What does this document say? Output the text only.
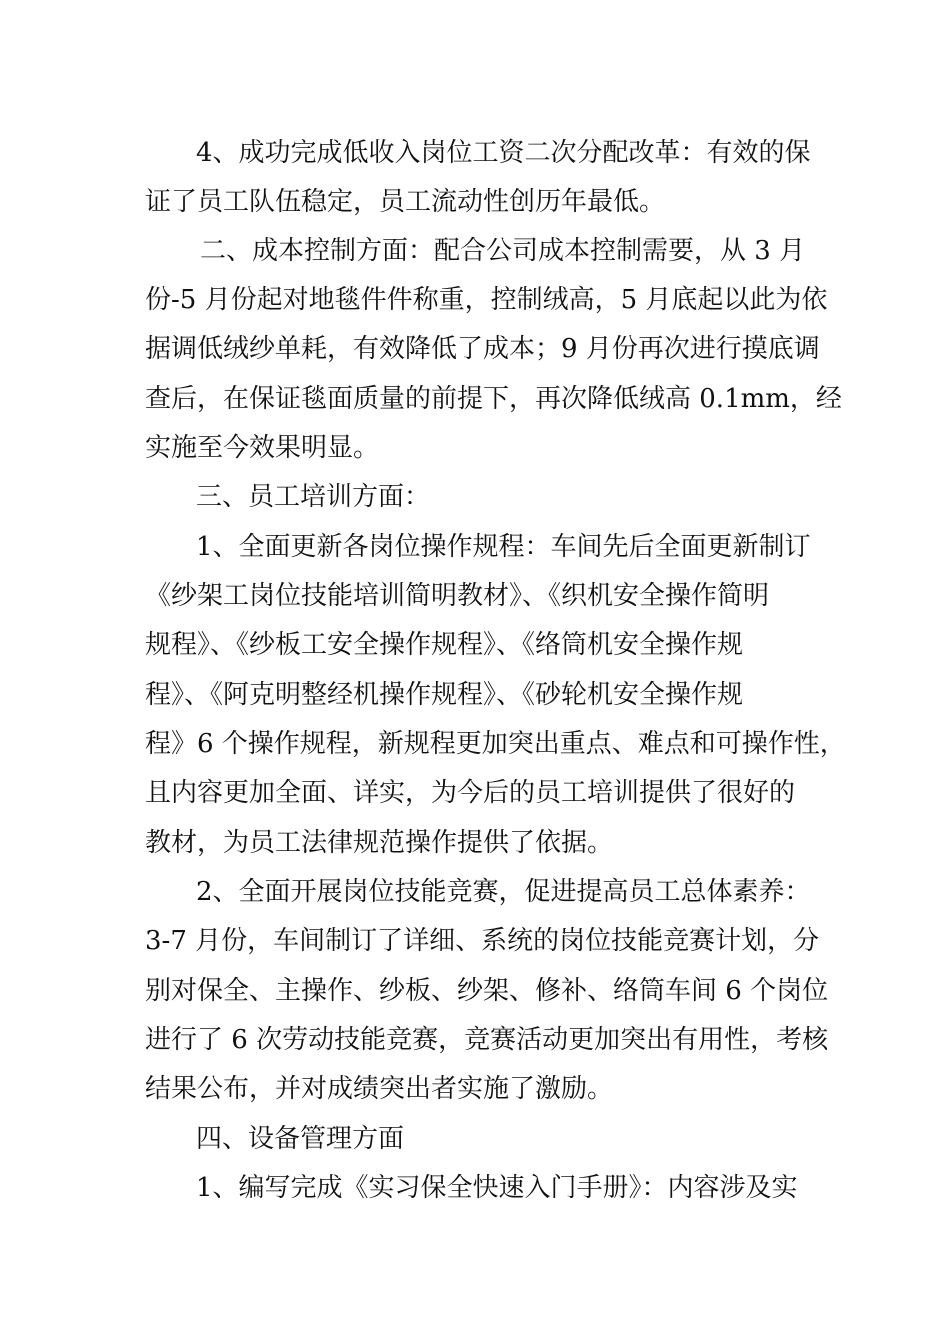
4、成功完成低收入岗位工资二次分配改革：有效的保
证了员工队伍稳定，员工流动性创历年最低。
二、成本控制方面：配合公司成本控制需要，从 3 月
份-5 月份起对地毯件件称重，控制绒高，5 月底起以此为依
据调低绒纱单耗，有效降低了成本；9 月份再次进行摸底调
查后，在保证毯面质量的前提下，再次降低绒高 0.1mm，经
实施至今效果明显。
三、员工培训方面：
1、全面更新各岗位操作规程：车间先后全面更新制订
《纱架工岗位技能培训简明教材》、《织机安全操作简明
规程》、《纱板工安全操作规程》、《络筒机安全操作规
程》、《阿克明整经机操作规程》、《砂轮机安全操作规
程》6 个操作规程，新规程更加突出重点、难点和可操作性，
且内容更加全面、详实，为今后的员工培训提供了很好的
教材，为员工法律规范操作提供了依据。
2、全面开展岗位技能竞赛，促进提高员工总体素养：
3-7 月份，车间制订了详细、系统的岗位技能竞赛计划，分
别对保全、主操作、纱板、纱架、修补、络筒车间 6 个岗位
进行了 6 次劳动技能竞赛，竞赛活动更加突出有用性，考核
结果公布，并对成绩突出者实施了激励。
四、设备管理方面
1、编写完成《实习保全快速入门手册》：内容涉及实
